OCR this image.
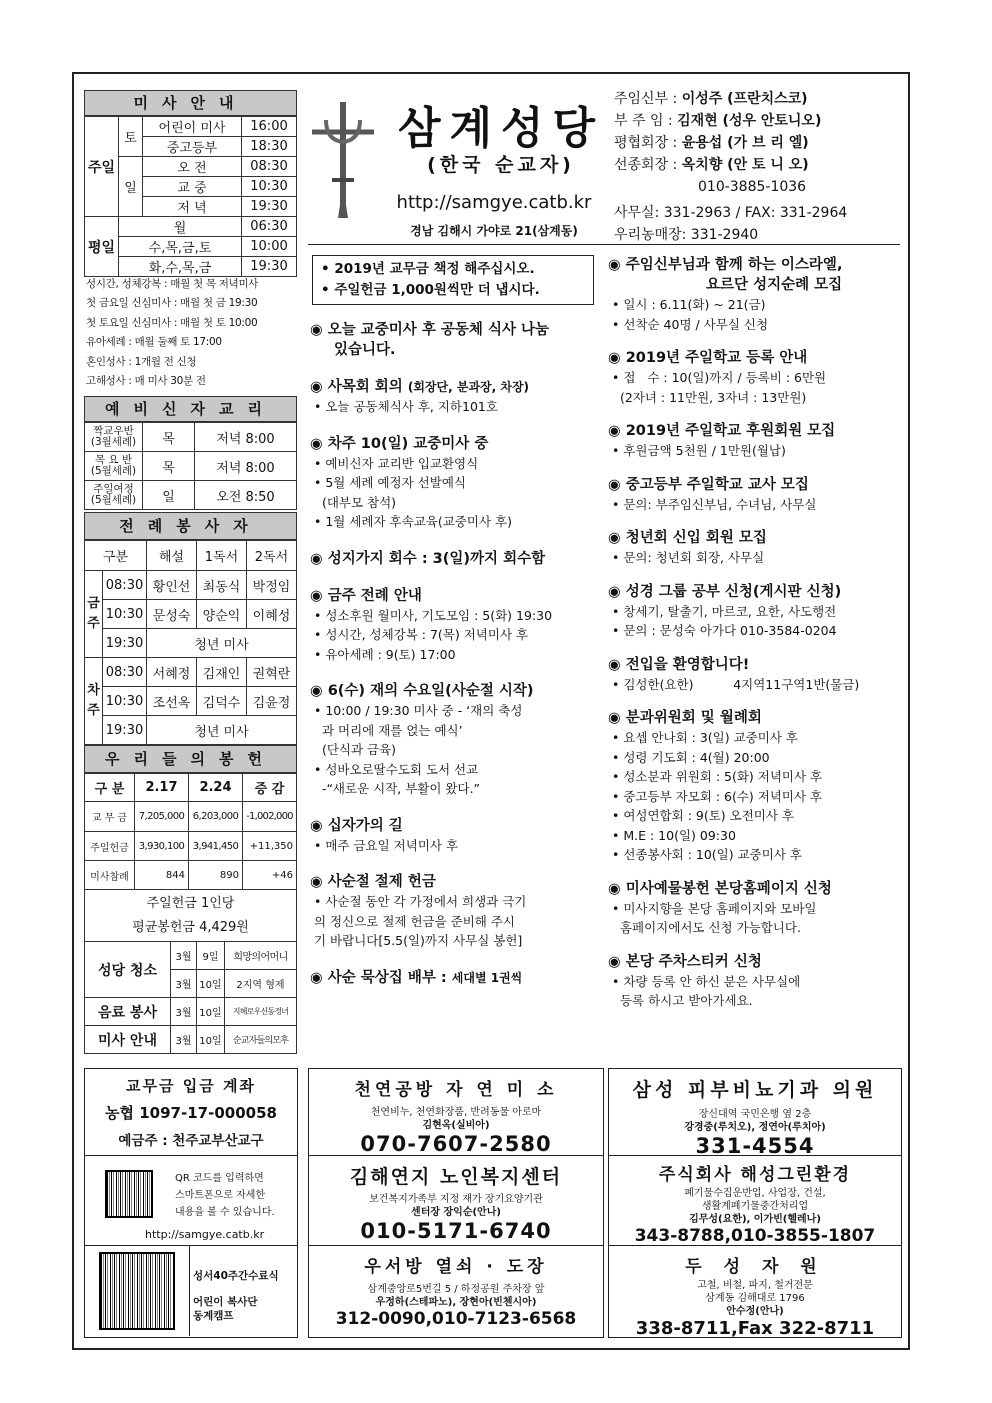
미사안내
주일	토	어린이 미사	16:00
		중고등부	18:30
	일	오 전	08:30
		교 중	10:30
		저 녁	19:30
평일	월		06:30
	수,목,금,토		10:00
	화,수,목,금		19:30
성시간, 성체강복 : 매월 첫 목 저녁미사
첫 금요일 신심미사 : 매월 첫 금 19:30
첫 토요일 신심미사 : 매월 첫 토 10:00
유아세례 : 매월 둘째 토 17:00
혼인성사 : 1개월 전 신청
고해성사 : 매 미사 30분 전
예비신자교리
짝교우반
(3월세례)	목	저녁 8:00
목 요 반
(5월세례)	목	저녁 8:00
주일여정
(5월세례)	일	오전 8:50
전례봉사자
구분		해설	1독서	2독서
금주	08:30	황인선	최동식	박정임
	10:30	문성숙	양순익	이혜성
	19:30	청년 미사		
차주	08:30	서혜정	김재인	권혁란
	10:30	조선옥	김덕수	김윤정
	19:30	청년 미사		
우리들의봉헌
구 분	2.17	2.24	증 감
교 무 금	7,205,000	6,203,000	-1,002,000
주일헌금	3,930,100	3,941,450	+11,350
미사참례	844	890	+46
주일헌금 1인당
평균봉헌금 4,429원			
성당 청소	3월	9일	희망의어머니
	3월	10일	2지역 형제
음료 봉사	3월	10일	지혜로우신동정녀
미사 안내	3월	10일	순교자들의모후
삼계성당
(한국 순교자)
http://samgye.catb.kr
경남 김해시 가야로 21(삼계동)
주임신부 : 이성주 (프란치스코)
부 주 임 : 김재현 (성우 안토니오)
평협회장 : 윤용섭 (가 브 리 엘)
선종회장 : 옥치향 (안 토 니 오)
010-3885-1036
사무실: 331-2963 / FAX: 331-2964
우리농매장: 331-2940
• 2019년 교무금 책정 해주십시오.
• 주일헌금 1,000원씩만 더 냅시다.
◉ 오늘 교중미사 후 공동체 식사 나눔
있습니다.
◉ 사목회 회의 (회장단, 분과장, 차장)
• 오늘 공동체식사 후, 지하101호
◉ 차주 10(일) 교중미사 중
• 예비신자 교리반 입교환영식
• 5월 세례 예정자 선발예식
(대부모 참석)
• 1월 세례자 후속교육(교중미사 후)
◉ 성지가지 회수 : 3(일)까지 회수함
◉ 금주 전례 안내
• 성소후원 월미사, 기도모임 : 5(화) 19:30
• 성시간, 성체강복 : 7(목) 저녁미사 후
• 유아세례 : 9(토) 17:00
◉ 6(수) 재의 수요일(사순절 시작)
• 10:00 / 19:30 미사 중 - ‘재의 축성
과 머리에 재를 얹는 예식’
(단식과 금육)
• 성바오로딸수도회 도서 선교
-“새로운 시작, 부활이 왔다.”
◉ 십자가의 길
• 매주 금요일 저녁미사 후
◉ 사순절 절제 헌금
• 사순절 동안 각 가정에서 희생과 극기
의 정신으로 절제 헌금을 준비해 주시
기 바랍니다[5.5(일)까지 사무실 봉헌]
◉ 사순 묵상집 배부 : 세대별 1권씩
◉ 주임신부님과 함께 하는 이스라엘,
요르단 성지순례 모집
• 일시 : 6.11(화) ~ 21(금)
• 선착순 40명 / 사무실 신청
◉ 2019년 주일학교 등록 안내
• 접   수 : 10(일)까지 / 등록비 : 6만원
(2자녀 : 11만원, 3자녀 : 13만원)
◉ 2019년 주일학교 후원회원 모집
• 후원금액 5천원 / 1만원(월납)
◉ 중고등부 주일학교 교사 모집
• 문의: 부주임신부님, 수녀님, 사무실
◉ 청년회 신입 회원 모집
• 문의: 청년회 회장, 사무실
◉ 성경 그룹 공부 신청(게시판 신청)
• 창세기, 탈출기, 마르코, 요한, 사도행전
• 문의 : 문성숙 아가다 010-3584-0204
◉ 전입을 환영합니다!
• 김성한(요한)          4지역11구역1반(물금)
◉ 분과위원회 및 월례회
• 요셉 안나회 : 3(일) 교중미사 후
• 성령 기도회 : 4(월) 20:00
• 성소분과 위원회 : 5(화) 저녁미사 후
• 중고등부 자모회 : 6(수) 저녁미사 후
• 여성연합회 : 9(토) 오전미사 후
• M.E : 10(일) 09:30
• 선종봉사회 : 10(일) 교중미사 후
◉ 미사예물봉헌 본당홈페이지 신청
• 미사지향을 본당 홈페이지와 모바일
홈페이지에서도 신청 가능합니다.
◉ 본당 주차스티커 신청
• 차량 등록 안 하신 분은 사무실에
등록 하시고 받아가세요.
교무금 입금 계좌
농협 1097-17-000058
예금주 : 천주교부산교구
QR 코드를 입력하면
스마트폰으로 자세한
내용을 볼 수 있습니다.
http://samgye.catb.kr
성서40주간수료식
어린이 복사단
동계캠프
천연공방 자 연 미 소
천연비누, 천연화장품, 반려동물 아로마
김현옥(실비아)
070-7607-2580
삼성 피부비뇨기과 의원
장신대역 국민은행 옆 2층
강경중(루치오), 정연아(루치아)
331-4554
김해연지 노인복지센터
보건복지가족부 지정 재가 장기요양기관
센터장 장익순(안나)
010-5171-6740
주식회사 해성그린환경
폐기물수집운반업, 사업장, 건설,
생활계폐기물중간처리업
김무성(요한), 이가빈(헬레나)
343-8788,010-3855-1807
우서방 열쇠 · 도장
삼계중앙로5번길 5 / 하정공원 주차장 앞
우정하(스테파노), 장현아(빈첸시아)
312-0090,010-7123-6568
두 성 자 원
고철, 비철, 파지, 철거전문
삼계동 김해대로 1796
안수정(안나)
338-8711,Fax 322-8711
